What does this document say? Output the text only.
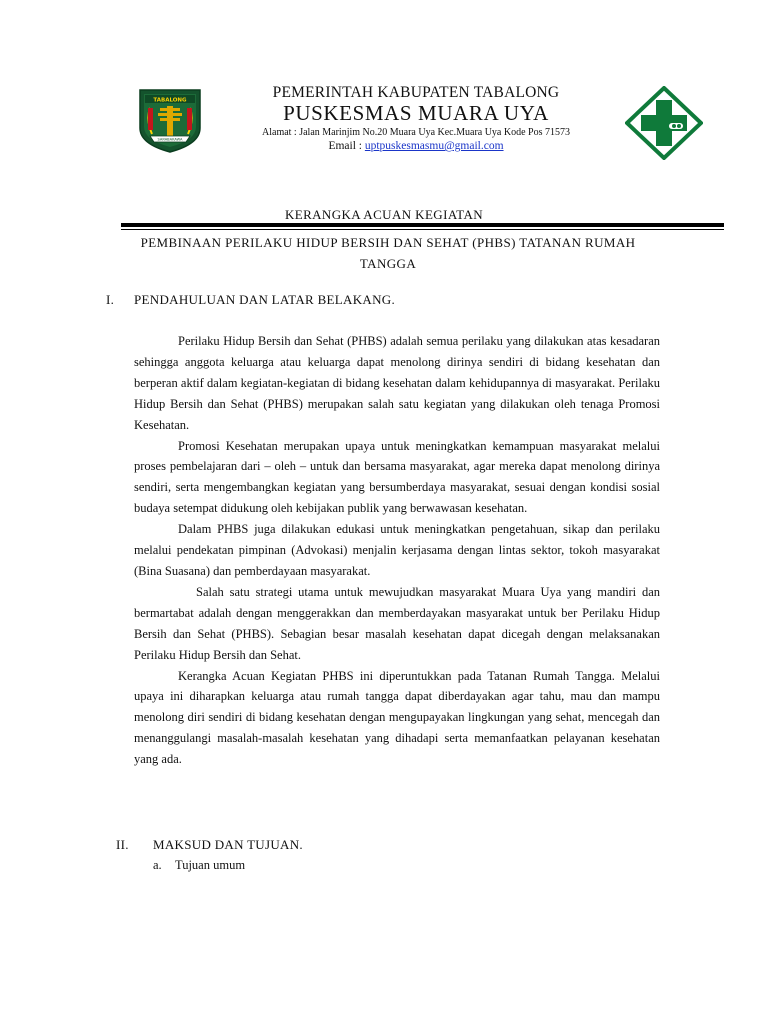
TABALONG
SARABAKAWA
PEMERINTAH KABUPATEN TABALONG
PUSKESMAS MUARA UYA
Alamat : Jalan Marinjim No.20 Muara Uya Kec.Muara Uya Kode Pos 71573
Email : uptpuskesmasmu@gmail.com
KERANGKA ACUAN KEGIATAN
PEMBINAAN PERILAKU HIDUP BERSIH DAN SEHAT (PHBS) TATANAN RUMAH TANGGA
I. PENDAHULUAN DAN LATAR BELAKANG.

Perilaku Hidup Bersih dan Sehat (PHBS) adalah semua perilaku yang dilakukan atas kesadaran sehingga anggota keluarga atau keluarga dapat menolong dirinya sendiri di bidang kesehatan dan berperan aktif dalam kegiatan-kegiatan di bidang kesehatan dalam kehidupannya di masyarakat. Perilaku Hidup Bersih dan Sehat (PHBS) merupakan salah satu kegiatan yang dilakukan oleh tenaga Promosi Kesehatan.

Promosi Kesehatan merupakan upaya untuk meningkatkan kemampuan masyarakat melalui proses pembelajaran dari – oleh – untuk dan bersama masyarakat, agar mereka dapat menolong dirinya sendiri, serta mengembangkan kegiatan yang bersumberdaya masyarakat, sesuai dengan kondisi sosial budaya setempat didukung oleh kebijakan publik yang berwawasan kesehatan.

Dalam PHBS juga dilakukan edukasi untuk meningkatkan pengetahuan, sikap dan perilaku melalui pendekatan pimpinan (Advokasi) menjalin kerjasama dengan lintas sektor, tokoh masyarakat (Bina Suasana) dan pemberdayaan masyarakat.

Salah satu strategi utama untuk mewujudkan masyarakat Muara Uya yang mandiri dan bermartabat adalah dengan menggerakkan dan memberdayakan masyarakat untuk ber Perilaku Hidup Bersih dan Sehat (PHBS). Sebagian besar masalah kesehatan dapat dicegah dengan melaksanakan Perilaku Hidup Bersih dan Sehat.

Kerangka Acuan Kegiatan PHBS ini diperuntukkan pada Tatanan Rumah Tangga. Melalui upaya ini diharapkan keluarga atau rumah tangga dapat diberdayakan agar tahu, mau dan mampu menolong diri sendiri di bidang kesehatan dengan mengupayakan lingkungan yang sehat, mencegah dan menanggulangi masalah-masalah kesehatan yang dihadapi serta memanfaatkan pelayanan kesehatan yang ada.

II. MAKSUD DAN TUJUAN.
a. Tujuan umum
